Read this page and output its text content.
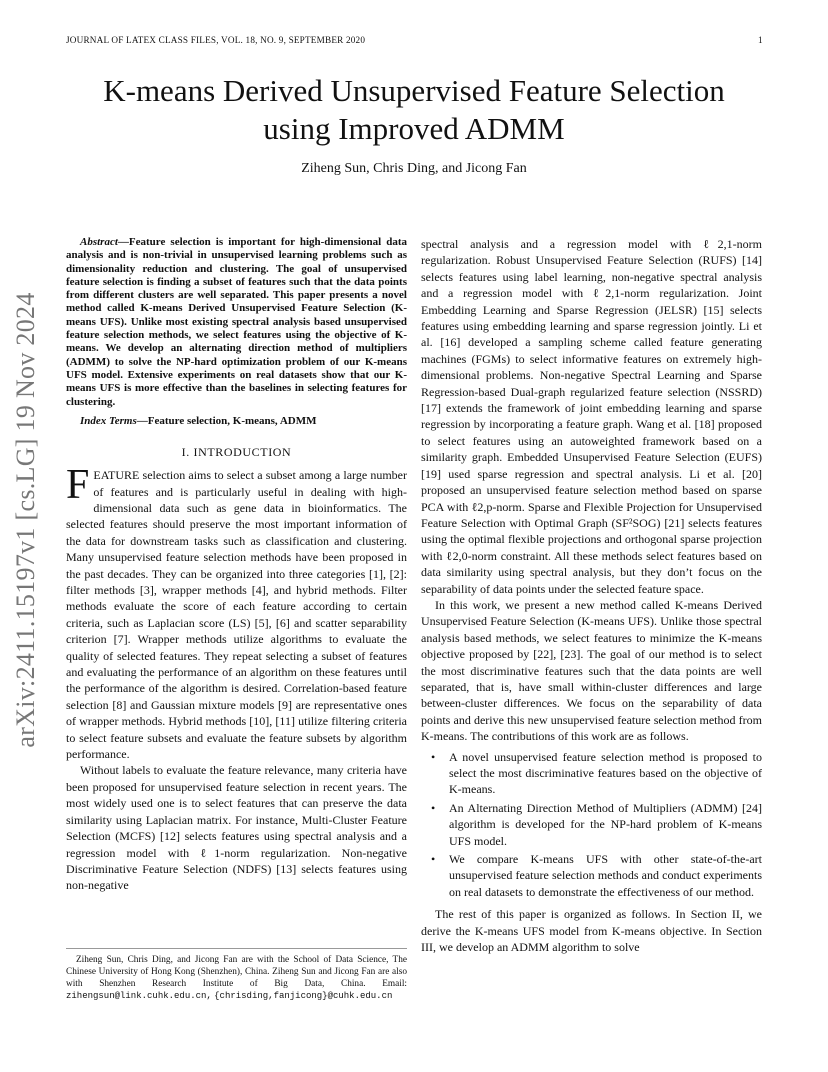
JOURNAL OF LATEX CLASS FILES, VOL. 18, NO. 9, SEPTEMBER 2020	1
arXiv:2411.15197v1 [cs.LG] 19 Nov 2024
K-means Derived Unsupervised Feature Selection using Improved ADMM
Ziheng Sun, Chris Ding, and Jicong Fan

Abstract—Feature selection is important for high-dimensional data analysis and is non-trivial in unsupervised learning problems such as dimensionality reduction and clustering. The goal of unsupervised feature selection is finding a subset of features such that the data points from different clusters are well separated. This paper presents a novel method called K-means Derived Unsupervised Feature Selection (K-means UFS). Unlike most existing spectral analysis based unsupervised feature selection methods, we select features using the objective of K-means. We develop an alternating direction method of multipliers (ADMM) to solve the NP-hard optimization problem of our K-means UFS model. Extensive experiments on real datasets show that our K-means UFS is more effective than the baselines in selecting features for clustering.

Index Terms—Feature selection, K-means, ADMM

I. INTRODUCTION

FEATURE selection aims to select a subset among a large number of features and is particularly useful in dealing with high-dimensional data such as gene data in bioinformatics. The selected features should preserve the most important information of the data for downstream tasks such as classification and clustering. Many unsupervised feature selection methods have been proposed in the past decades. They can be organized into three categories [1], [2]: filter methods [3], wrapper methods [4], and hybrid methods. Filter methods evaluate the score of each feature according to certain criteria, such as Laplacian score (LS) [5], [6] and scatter separability criterion [7]. Wrapper methods utilize algorithms to evaluate the quality of selected features. They repeat selecting a subset of features and evaluating the performance of an algorithm on these features until the performance of the algorithm is desired. Correlation-based feature selection [8] and Gaussian mixture models [9] are representative ones of wrapper methods. Hybrid methods [10], [11] utilize filtering criteria to select feature subsets and evaluate the feature subsets by algorithm performance.

Without labels to evaluate the feature relevance, many criteria have been proposed for unsupervised feature selection in recent years. The most widely used one is to select features that can preserve the data similarity using Laplacian matrix. For instance, Multi-Cluster Feature Selection (MCFS) [12] selects features using spectral analysis and a regression model with ℓ1-norm regularization. Non-negative Discriminative Feature Selection (NDFS) [13] selects features using non-negative

spectral analysis and a regression model with ℓ2,1-norm regularization. Robust Unsupervised Feature Selection (RUFS) [14] selects features using label learning, non-negative spectral analysis and a regression model with ℓ2,1-norm regularization. Joint Embedding Learning and Sparse Regression (JELSR) [15] selects features using embedding learning and sparse regression jointly. Li et al. [16] developed a sampling scheme called feature generating machines (FGMs) to select informative features on extremely high-dimensional problems. Non-negative Spectral Learning and Sparse Regression-based Dual-graph regularized feature selection (NSSRD) [17] extends the framework of joint embedding learning and sparse regression by incorporating a feature graph. Wang et al. [18] proposed to select features using an autoweighted framework based on a similarity graph. Embedded Unsupervised Feature Selection (EUFS) [19] used sparse regression and spectral analysis. Li et al. [20] proposed an unsupervised feature selection method based on sparse PCA with ℓ2,p-norm. Sparse and Flexible Projection for Unsupervised Feature Selection with Optimal Graph (SF²SOG) [21] selects features using the optimal flexible projections and orthogonal sparse projection with ℓ2,0-norm constraint. All these methods select features based on data similarity using spectral analysis, but they don’t focus on the separability of data points under the selected feature space.

In this work, we present a new method called K-means Derived Unsupervised Feature Selection (K-means UFS). Unlike those spectral analysis based methods, we select features to minimize the K-means objective proposed by [22], [23]. The goal of our method is to select the most discriminative features such that the data points are well separated, that is, have small within-cluster differences and large between-cluster differences. We focus on the separability of data points and derive this new unsupervised feature selection method from K-means. The contributions of this work are as follows.

• A novel unsupervised feature selection method is proposed to select the most discriminative features based on the objective of K-means.
• An Alternating Direction Method of Multipliers (ADMM) [24] algorithm is developed for the NP-hard problem of K-means UFS model.
• We compare K-means UFS with other state-of-the-art unsupervised feature selection methods and conduct experiments on real datasets to demonstrate the effectiveness of our method.

The rest of this paper is organized as follows. In Section II, we derive the K-means UFS model from K-means objective. In Section III, we develop an ADMM algorithm to solve

Ziheng Sun, Chris Ding, and Jicong Fan are with the School of Data Science, The Chinese University of Hong Kong (Shenzhen), China. Ziheng Sun and Jicong Fan are also with Shenzhen Research Institute of Big Data, China. Email: zihengsun@link.cuhk.edu.cn, {chrisding,fanjicong}@cuhk.edu.cn
